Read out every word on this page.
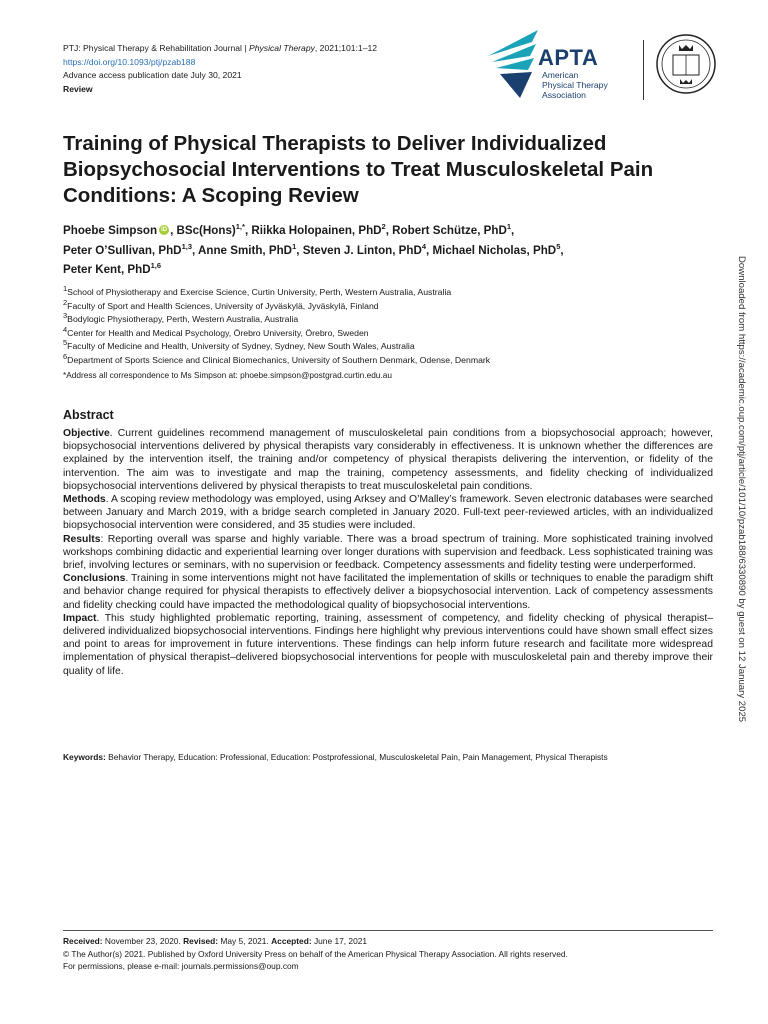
PTJ: Physical Therapy & Rehabilitation Journal | Physical Therapy, 2021;101:1–12
https://doi.org/10.1093/ptj/pzab188
Advance access publication date July 30, 2021
Review
APTA
American
Physical Therapy
Association
Training of Physical Therapists to Deliver Individualized Biopsychosocial Interventions to Treat Musculoskeletal Pain Conditions: A Scoping Review
Phoebe Simpson iD , BSc(Hons)$^{1,*}$, Riikka Holopainen, PhD$^2$, Robert Schütze, PhD$^1$,
Peter O’Sullivan, PhD$^{1,3}$, Anne Smith, PhD$^1$, Steven J. Linton, PhD$^4$, Michael Nicholas, PhD$^5$,
Peter Kent, PhD$^{1,6}$
$^1$School of Physiotherapy and Exercise Science, Curtin University, Perth, Western Australia, Australia
$^2$Faculty of Sport and Health Sciences, University of Jyväskylä, Jyväskylä, Finland
$^3$Bodylogic Physiotherapy, Perth, Western Australia, Australia
$^4$Center for Health and Medical Psychology, Örebro University, Örebro, Sweden
$^5$Faculty of Medicine and Health, University of Sydney, Sydney, New South Wales, Australia
$^6$Department of Sports Science and Clinical Biomechanics, University of Southern Denmark, Odense, Denmark
*Address all correspondence to Ms Simpson at: phoebe.simpson@postgrad.curtin.edu.au
Abstract

Objective. Current guidelines recommend management of musculoskeletal pain conditions from a biopsychosocial approach; however, biopsychosocial interventions delivered by physical therapists vary considerably in effectiveness. It is unknown whether the differences are explained by the intervention itself, the training and/or competency of physical therapists delivering the intervention, or fidelity of the intervention. The aim was to investigate and map the training, competency assessments, and fidelity checking of individualized biopsychosocial interventions delivered by physical therapists to treat musculoskeletal pain conditions.

Methods. A scoping review methodology was employed, using Arksey and O’Malley’s framework. Seven electronic databases were searched between January and March 2019, with a bridge search completed in January 2020. Full-text peer-reviewed articles, with an individualized biopsychosocial intervention were considered, and 35 studies were included.

Results: Reporting overall was sparse and highly variable. There was a broad spectrum of training. More sophisticated training involved workshops combining didactic and experiential learning over longer durations with supervision and feedback. Less sophisticated training was brief, involving lectures or seminars, with no supervision or feedback. Competency assessments and fidelity testing were underperformed.

Conclusions. Training in some interventions might not have facilitated the implementation of skills or techniques to enable the paradigm shift and behavior change required for physical therapists to effectively deliver a biopsychosocial intervention. Lack of competency assessments and fidelity checking could have impacted the methodological quality of biopsychosocial interventions.

Impact. This study highlighted problematic reporting, training, assessment of competency, and fidelity checking of physical therapist–delivered individualized biopsychosocial interventions. Findings here highlight why previous interventions could have shown small effect sizes and point to areas for improvement in future interventions. These findings can help inform future research and facilitate more widespread implementation of physical therapist–delivered biopsychosocial interventions for people with musculoskeletal pain and thereby improve their quality of life.

Keywords: Behavior Therapy, Education: Professional, Education: Postprofessional, Musculoskeletal Pain, Pain Management, Physical Therapists
Received: November 23, 2020. Revised: May 5, 2021. Accepted: June 17, 2021
© The Author(s) 2021. Published by Oxford University Press on behalf of the American Physical Therapy Association. All rights reserved.
For permissions, please e-mail: journals.permissions@oup.com
Downloaded from https://academic.oup.com/ptj/article/101/10/pzab188/6330890 by guest on 12 January 2025
